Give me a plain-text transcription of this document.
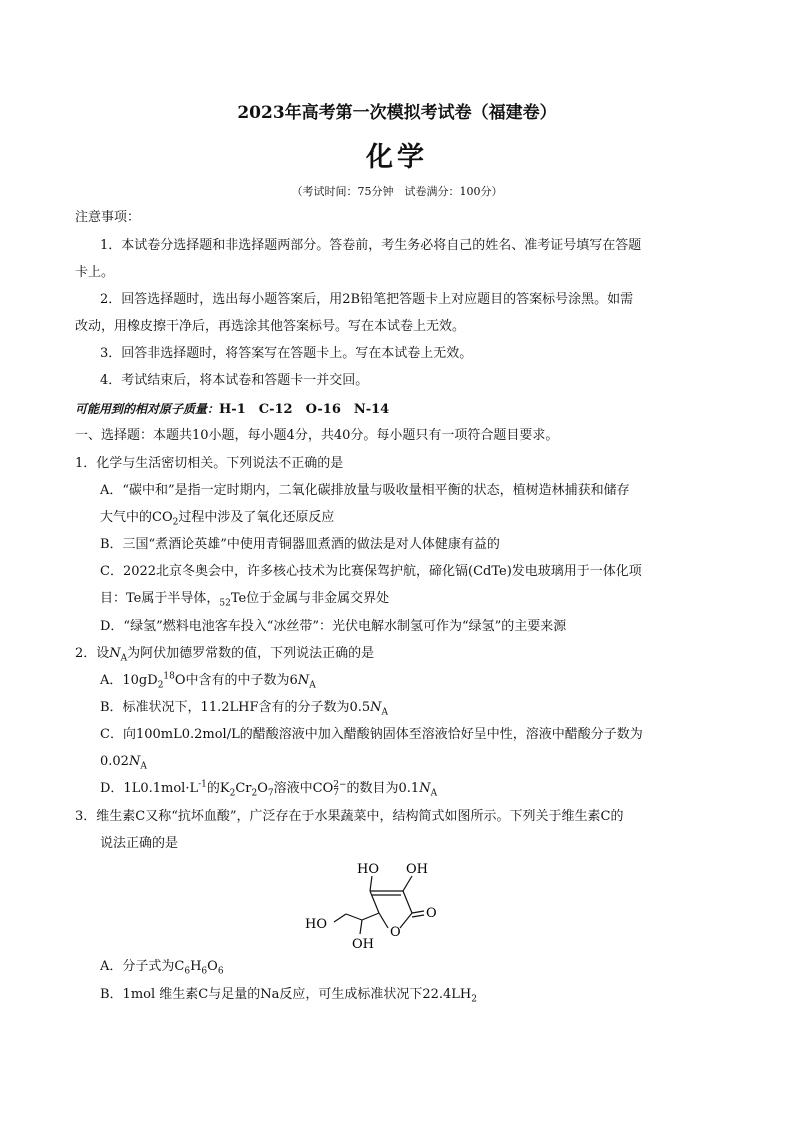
2023年高考第一次模拟考试卷（福建卷）
化学
（考试时间：75分钟　试卷满分：100分）
注意事项：
1．本试卷分选择题和非选择题两部分。答卷前，考生务必将自己的姓名、准考证号填写在答题
卡上。
2．回答选择题时，选出每小题答案后，用2B铅笔把答题卡上对应题目的答案标号涂黑。如需
改动，用橡皮擦干净后，再选涂其他答案标号。写在本试卷上无效。
3．回答非选择题时，将答案写在答题卡上。写在本试卷上无效。
4．考试结束后，将本试卷和答题卡一并交回。
可能用到的相对原子质量：H-1　C-12　O-16　N-14
一、选择题：本题共10小题，每小题4分，共40分。每小题只有一项符合题目要求。
1．化学与生活密切相关。下列说法不正确的是
A．“碳中和”是指一定时期内，二氧化碳排放量与吸收量相平衡的状态，植树造林捕获和储存
大气中的$CO_2$过程中涉及了氧化还原反应
B．三国“煮酒论英雄”中使用青铜器皿煮酒的做法是对人体健康有益的
C．2022北京冬奥会中，许多核心技术为比赛保驾护航，碲化镉(CdTe)发电玻璃用于一体化项
目：Te属于半导体，$_{52}$Te位于金属与非金属交界处
D．“绿氢”燃料电池客车投入“冰丝带”：光伏电解水制氢可作为“绿氢”的主要来源
2．设$N_A$为阿伏加德罗常数的值，下列说法正确的是
A．$10gD_2^{18}O$中含有的中子数为$6N_A$
B．标准状况下，11.2LHF含有的分子数为$0.5N_A$
C．向100mL0.2mol/L的醋酸溶液中加入醋酸钠固体至溶液恰好呈中性，溶液中醋酸分子数为
$0.02N_A$
D．$1L0.1mol\cdot L^{-1}$的$K_2Cr_2O_7$溶液中CO2−
7 的数目为$0.1N_A$
3．维生素C又称“抗坏血酸”，广泛存在于水果蔬菜中，结构简式如图所示。下列关于维生素C的
说法正确的是
HO OH
HO
OH
O
O
A．分子式为$C_6H_6O_6$
B．1mol 维生素C与足量的Na反应，可生成标准状况下$22.4LH_2$
